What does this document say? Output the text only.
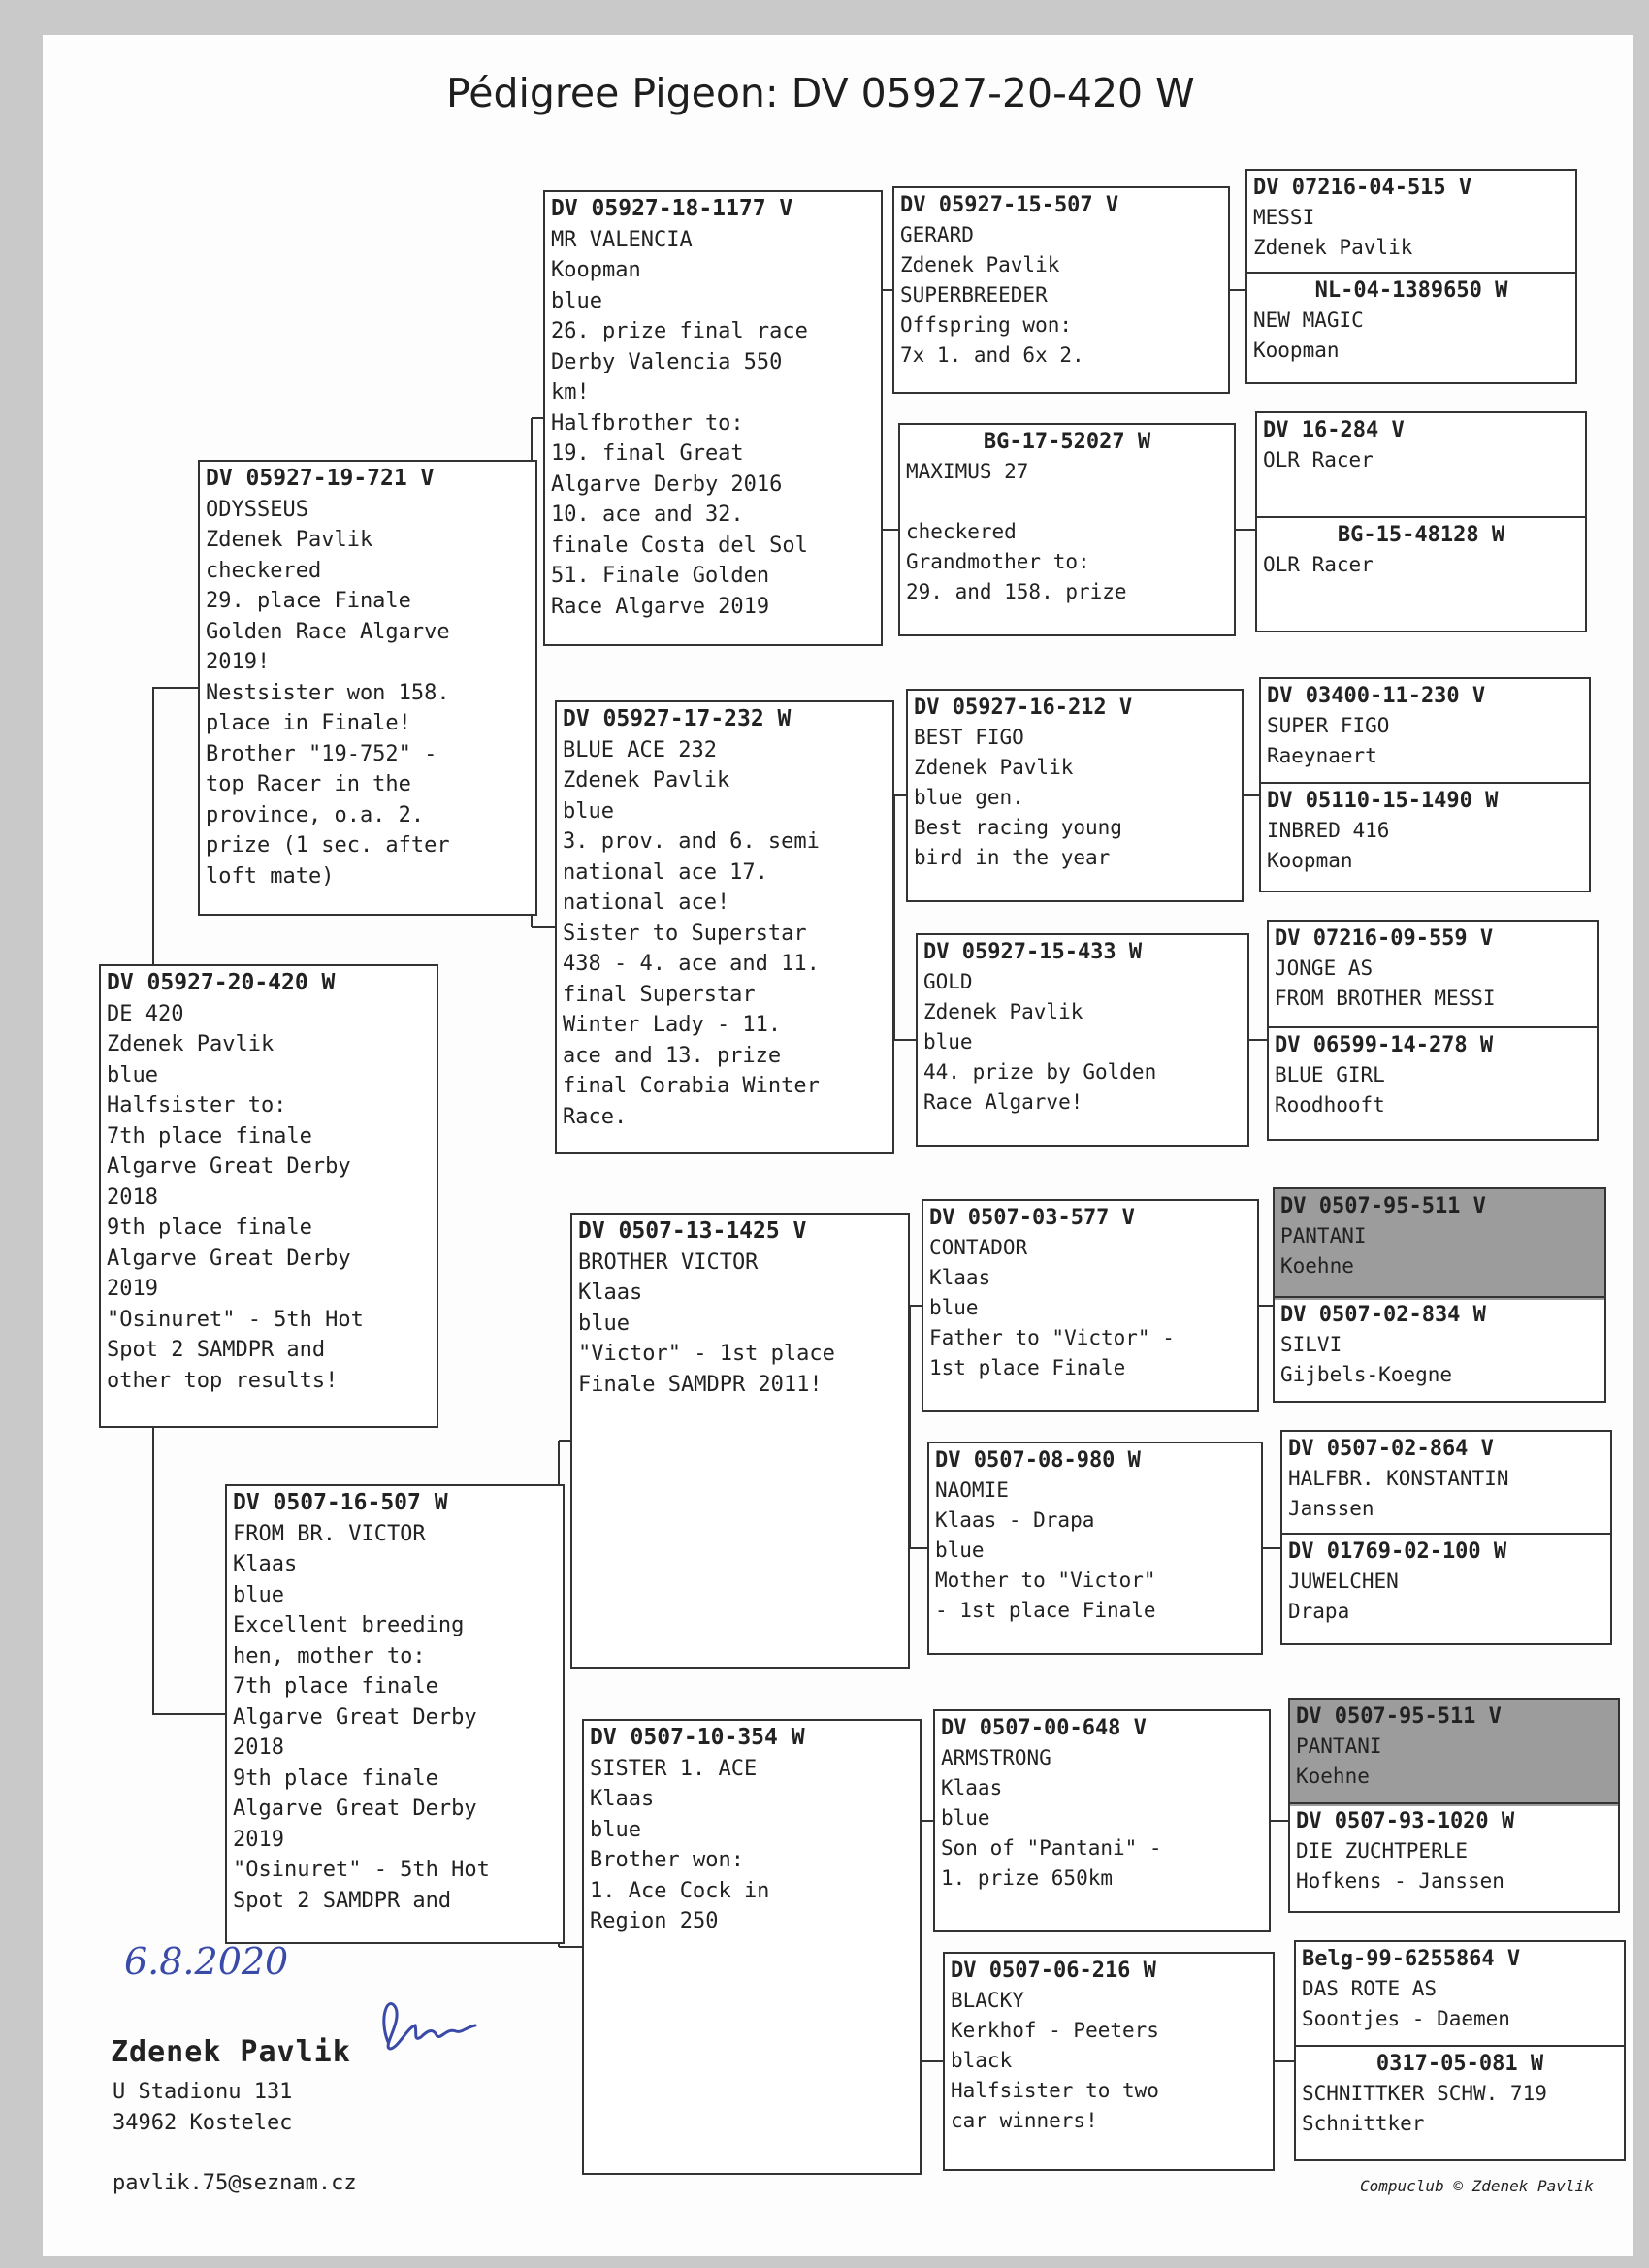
Pédigree Pigeon: DV 05927-20-420 W
DV 05927-20-420 W
DE 420
Zdenek Pavlik
blue
Halfsister to:
7th place finale
Algarve Great Derby
2018
9th place finale
Algarve Great Derby
2019
"Osinuret" - 5th Hot
Spot 2 SAMDPR and
other top results!
DV 05927-19-721 V
ODYSSEUS
Zdenek Pavlik
checkered
29. place Finale
Golden Race Algarve
2019!
Nestsister won 158.
place in Finale!
Brother "19-752" -
top Racer in the
province, o.a. 2.
prize (1 sec. after
loft mate)
DV 0507-16-507 W
FROM BR. VICTOR
Klaas
blue
Excellent breeding
hen, mother to:
7th place finale
Algarve Great Derby
2018
9th place finale
Algarve Great Derby
2019
"Osinuret" - 5th Hot
Spot 2 SAMDPR and
DV 05927-18-1177 V
MR VALENCIA
Koopman
blue
26. prize final race
Derby Valencia 550
km!
Halfbrother to:
19. final Great
Algarve Derby 2016
10. ace and 32.
finale Costa del Sol
51. Finale Golden
Race Algarve 2019
DV 05927-17-232 W
BLUE ACE 232
Zdenek Pavlik
blue
3. prov. and 6. semi
national ace 17.
national ace!
Sister to Superstar
438 - 4. ace and 11.
final Superstar
Winter Lady - 11.
ace and 13. prize
final Corabia Winter
Race.
DV 0507-13-1425 V
BROTHER VICTOR
Klaas
blue
"Victor" - 1st place
Finale SAMDPR 2011!
DV 0507-10-354 W
SISTER 1. ACE
Klaas
blue
Brother won:
1. Ace Cock in
Region 250
DV 05927-15-507 V
GERARD
Zdenek Pavlik
SUPERBREEDER
Offspring won:
7x 1. and 6x 2.
BG-17-52027 W
MAXIMUS 27

checkered
Grandmother to:
29. and 158. prize
DV 05927-16-212 V
BEST FIGO
Zdenek Pavlik
blue gen.
Best racing young
bird in the year
DV 05927-15-433 W
GOLD
Zdenek Pavlik
blue
44. prize by Golden
Race Algarve!
DV 0507-03-577 V
CONTADOR
Klaas
blue
Father to "Victor" -
1st place Finale
DV 0507-08-980 W
NAOMIE
Klaas - Drapa
blue
Mother to "Victor"
- 1st place Finale
DV 0507-00-648 V
ARMSTRONG
Klaas
blue
Son of "Pantani" -
1. prize 650km
DV 0507-06-216 W
BLACKY
Kerkhof - Peeters
black
Halfsister to two
car winners!
DV 07216-04-515 V
MESSI
Zdenek Pavlik
NL-04-1389650 W
NEW MAGIC
Koopman
DV 16-284 V
OLR Racer
BG-15-48128 W
OLR Racer
DV 03400-11-230 V
SUPER FIGO
Raeynaert
DV 05110-15-1490 W
INBRED 416
Koopman
DV 07216-09-559 V
JONGE AS
FROM BROTHER MESSI
DV 06599-14-278 W
BLUE GIRL
Roodhooft
DV 0507-95-511 V
PANTANI
Koehne
DV 0507-02-834 W
SILVI
Gijbels-Koegne
DV 0507-02-864 V
HALFBR. KONSTANTIN
Janssen
DV 01769-02-100 W
JUWELCHEN
Drapa
DV 0507-95-511 V
PANTANI
Koehne
DV 0507-93-1020 W
DIE ZUCHTPERLE
Hofkens - Janssen
Belg-99-6255864 V
DAS ROTE AS
Soontjes - Daemen
0317-05-081 W
SCHNITTKER SCHW. 719
Schnittker
6.8.2020
Zdenek Pavlik
U Stadionu 131
34962 Kostelec
pavlik.75@seznam.cz	Compuclub © Zdenek Pavlik
